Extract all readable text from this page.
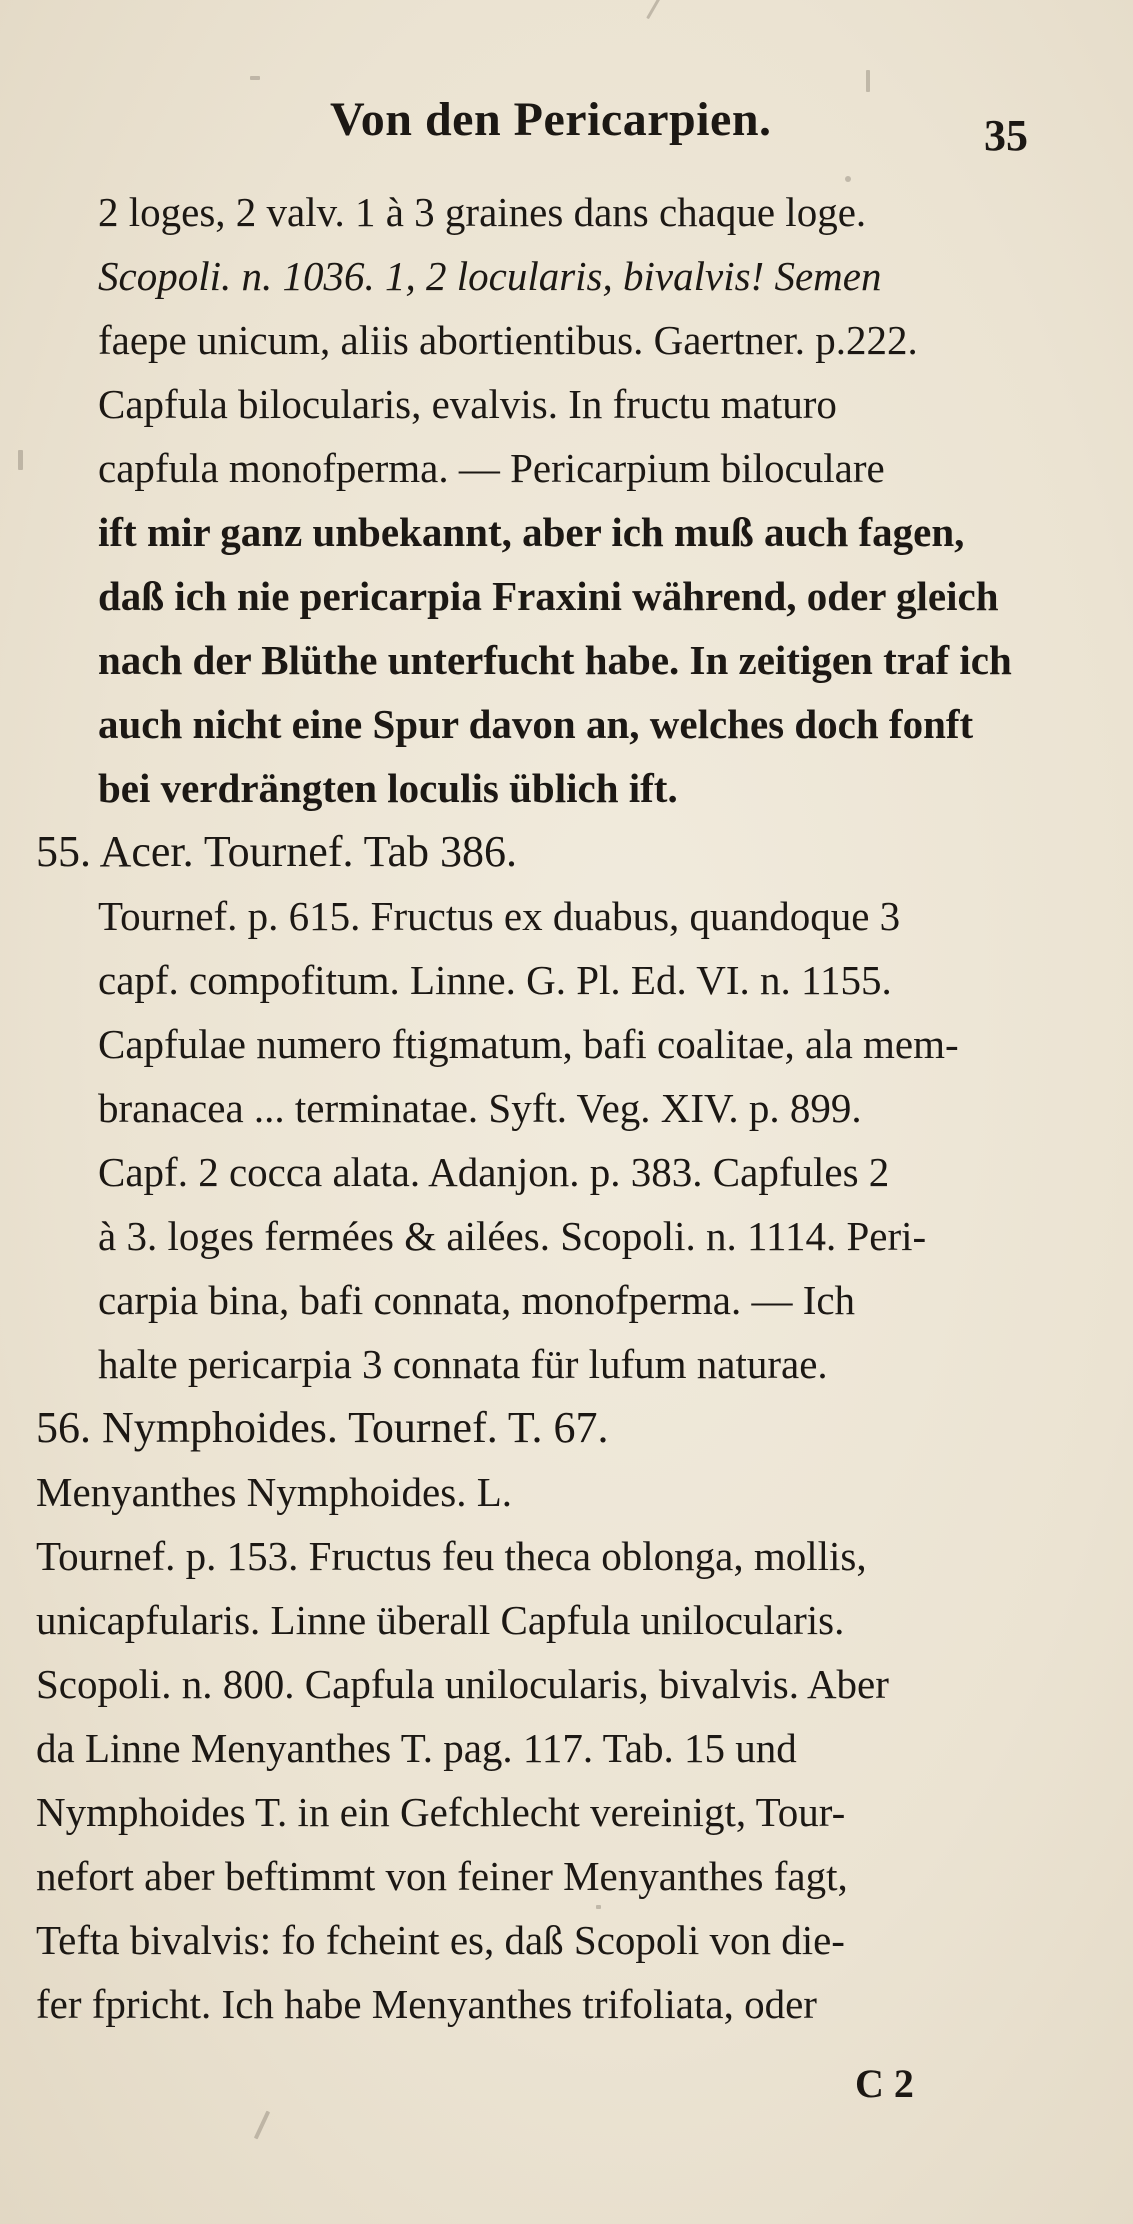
Von den Pericarpien.	35
2 loges, 2 valv. 1 à 3 graines dans chaque loge.
Scopoli. n. 1036. 1, 2 locularis, bivalvis! Semen
faepe unicum, aliis abortientibus. Gaertner. p.222.
Capfula bilocularis, evalvis. In fructu maturo
capfula monofperma. — Pericarpium biloculare
ift mir ganz unbekannt, aber ich muß auch fagen,
daß ich nie pericarpia Fraxini während, oder gleich
nach der Blüthe unterfucht habe. In zeitigen traf ich
auch nicht eine Spur davon an, welches doch fonft
bei verdrängten loculis üblich ift.
55. Acer. Tournef. Tab 386.
Tournef. p. 615. Fructus ex duabus, quandoque 3
capf. compofitum. Linne. G. Pl. Ed. VI. n. 1155.
Capfulae numero ftigmatum, bafi coalitae, ala mem-
branacea ... terminatae. Syft. Veg. XIV. p. 899.
Capf. 2 cocca alata. Adanjon. p. 383. Capfules 2
à 3. loges fermées & ailées. Scopoli. n. 1114. Peri-
carpia bina, bafi connata, monofperma. — Ich
halte pericarpia 3 connata für lufum naturae.
56. Nymphoides. Tournef. T. 67.
Menyanthes Nymphoides. L.
Tournef. p. 153. Fructus feu theca oblonga, mollis,
unicapfularis. Linne überall Capfula unilocularis.
Scopoli. n. 800. Capfula unilocularis, bivalvis. Aber
da Linne Menyanthes T. pag. 117. Tab. 15 und
Nymphoides T. in ein Gefchlecht vereinigt, Tour-
nefort aber beftimmt von feiner Menyanthes fagt,
Tefta bivalvis: fo fcheint es, daß Scopoli von die-
fer fpricht. Ich habe Menyanthes trifoliata, oder
C 2
